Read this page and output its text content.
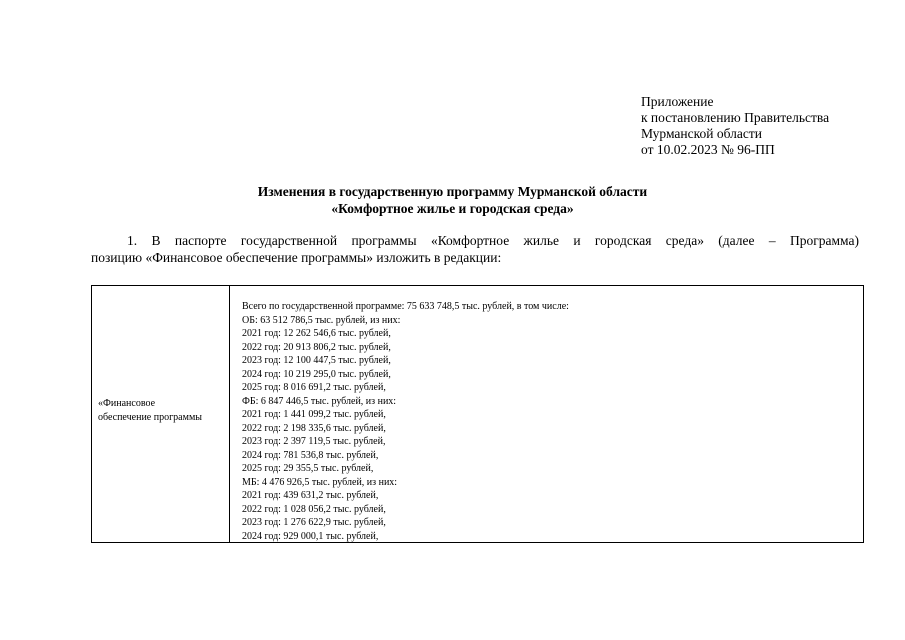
Приложение
к постановлению Правительства
Мурманской области
от 10.02.2023 № 96-ПП
Изменения в государственную программу Мурманской области
«Комфортное жилье и городская среда»
1. В паспорте государственной программы «Комфортное жилье и городская среда» (далее – Программа)
позицию «Финансовое обеспечение программы» изложить в редакции:
«Финансовое
обеспечение программы
Всего по государственной программе: 75 633 748,5 тыс. рублей, в том числе:
ОБ: 63 512 786,5 тыс. рублей, из них:
2021 год: 12 262 546,6 тыс. рублей,
2022 год: 20 913 806,2 тыс. рублей,
2023 год: 12 100 447,5 тыс. рублей,
2024 год: 10 219 295,0 тыс. рублей,
2025 год: 8 016 691,2 тыс. рублей,
ФБ: 6 847 446,5 тыс. рублей, из них:
2021 год: 1 441 099,2 тыс. рублей,
2022 год: 2 198 335,6 тыс. рублей,
2023 год: 2 397 119,5 тыс. рублей,
2024 год: 781 536,8 тыс. рублей,
2025 год: 29 355,5 тыс. рублей,
МБ: 4 476 926,5 тыс. рублей, из них:
2021 год: 439 631,2 тыс. рублей,
2022 год: 1 028 056,2 тыс. рублей,
2023 год: 1 276 622,9 тыс. рублей,
2024 год: 929 000,1 тыс. рублей,
